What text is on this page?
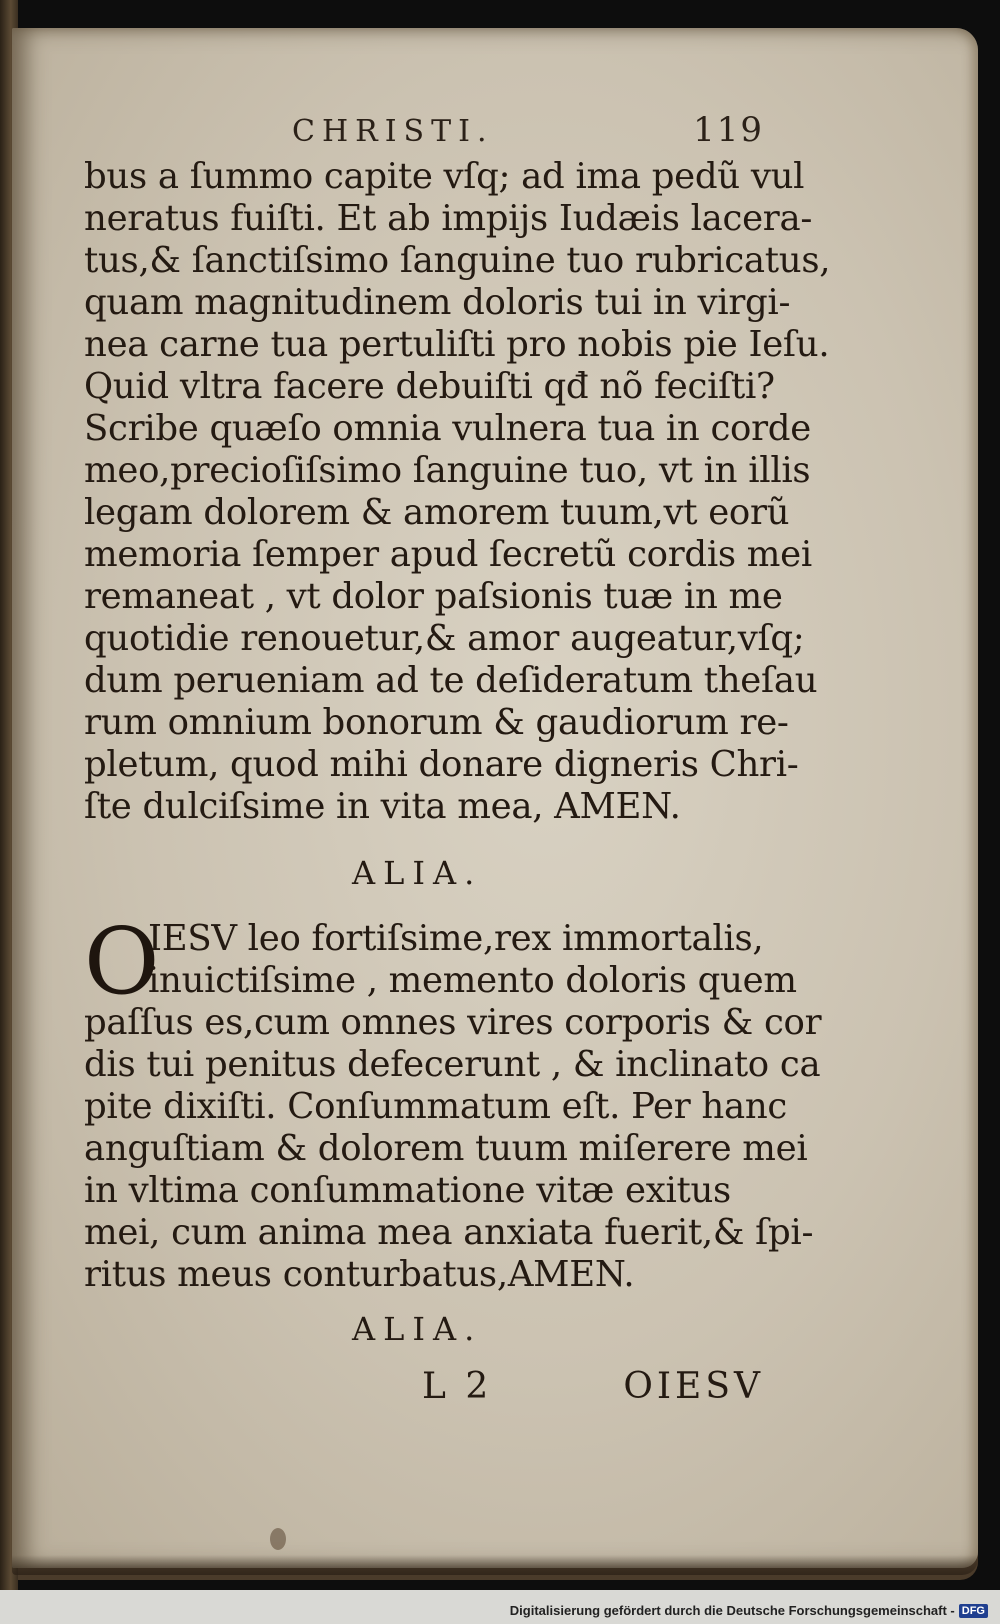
CHRISTI.	119
bus a ſummo capite vſq; ad ima pedũ vul
neratus fuiſti. Et ab impijs Iudæis lacera-
tus,& ſanctiſsimo ſanguine tuo rubricatus,
quam magnitudinem doloris tui in virgi-
nea carne tua pertuliſti pro nobis pie Ieſu.
Quid vltra facere debuiſti qđ nõ feciſti?
Scribe quæſo omnia vulnera tua in corde
meo,precioſiſsimo ſanguine tuo, vt in illis
legam dolorem & amorem tuum,vt eorũ
memoria ſemper apud ſecretũ cordis mei
remaneat , vt dolor paſsionis tuæ in me
quotidie renouetur,& amor augeatur,vſq;
dum perueniam ad te deſideratum theſau
rum omnium bonorum & gaudiorum re-
pletum, quod mihi donare digneris Chri-
ſte dulciſsime in vita mea, AMEN.
ALIA.
O
IESV leo fortiſsime,rex immortalis,
inuictiſsime , memento doloris quem
paſſus es,cum omnes vires corporis & cor
dis tui penitus defecerunt , & inclinato ca
pite dixiſti. Conſummatum eſt. Per hanc
anguſtiam & dolorem tuum miſerere mei
in vltima conſummatione vitæ exitus
mei, cum anima mea anxiata fuerit,& ſpi-
ritus meus conturbatus,AMEN.
ALIA.
L 2	OIESV
Digitalisierung gefördert durch die Deutsche Forschungsgemeinschaft - DFG
